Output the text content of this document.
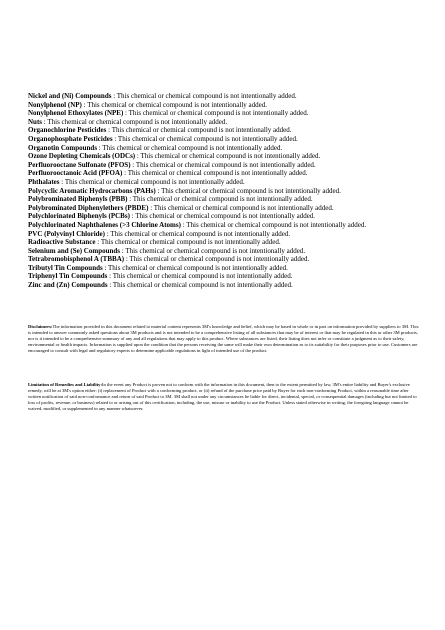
Nickel and (Ni) Compounds : This chemical or chemical compound is not intentionally added.
Nonylphenol (NP) : This chemical or chemical compound is not intentionally added.
Nonylphenol Ethoxylates (NPE) : This chemical or chemical compound is not intentionally added.
Nuts : This chemical or chemical compound is not intentionally added.
Organochlorine Pesticides : This chemical or chemical compound is not intentionally added.
Organophosphate Pesticides : This chemical or chemical compound is not intentionally added.
Organotin Compounds : This chemical or chemical compound is not intentionally added.
Ozone Depleting Chemicals (ODCs) : This chemical or chemical compound is not intentionally added.
Perfluorooctane Sulfonate (PFOS) : This chemical or chemical compound is not intentionally added.
Perfluorooctanoic Acid (PFOA) : This chemical or chemical compound is not intentionally added.
Phthalates : This chemical or chemical compound is not intentionally added.
Polycyclic Aromatic Hydrocarbons (PAHs) : This chemical or chemical compound is not intentionally added.
Polybrominated Biphenyls (PBB) : This chemical or chemical compound is not intentionally added.
Polybrominated Diphenylethers (PBDE) : This chemical or chemical compound is not intentionally added.
Polychlorinated Biphenyls (PCBs) : This chemical or chemical compound is not intentionally added.
Polychlorinated Naphthalenes (>3 Chlorine Atoms) : This chemical or chemical compound is not intentionally added.
PVC (Polyvinyl Chloride) : This chemical or chemical compound is not intentionally added.
Radioactive Substance : This chemical or chemical compound is not intentionally added.
Selenium and (Se) Compounds : This chemical or chemical compound is not intentionally added.
Tetrabromobisphenol A (TBBA) : This chemical or chemical compound is not intentionally added.
Tributyl Tin Compounds : This chemical or chemical compound is not intentionally added.
Triphenyl Tin Compounds : This chemical or chemical compound is not intentionally added.
Zinc and (Zn) Compounds : This chemical or chemical compound is not intentionally added.

Disclaimers:The information provided in this document related to material content represents 3M's knowledge and belief, which may be based in whole or in part on information provided by suppliers to 3M. This is intended to answer commonly asked questions about 3M products and is not intended to be a comprehensive listing of all substances that may be of interest or that may be regulated in this or other 3M products, nor is it intended to be a comprehensive summary of any and all regulations that may apply to this product. Where substances are listed, their listing does not infer or constitute a judgment as to their safety, environmental or health impacts. Information is supplied upon the condition that the persons receiving the same will make their own determination as to its suitability for their purposes prior to use. Customers are encouraged to consult with legal and regulatory experts to determine applicable regulations in light of intended use of the product.

Limitation of Remedies and Liability:In the event any Product is proven not to conform with the information in this document, then to the extent permitted by law, 3M's entire liability and Buyer's exclusive remedy, will be at 3M's option either: (i) replacement of Product with a conforming product, or (ii) refund of the purchase price paid by Buyer for each non-conforming Product, within a reasonable time after written notification of said non-conformance and return of said Product to 3M. 3M shall not under any circumstances be liable for direct, incidental, special, or consequential damages (including but not limited to loss of profits, revenue, or business) related to or arising out of this certification, including, the use, misuse or inability to use the Product. Unless stated otherwise in writing, the foregoing language cannot be waived, modified, or supplemented in any manner whatsoever.
